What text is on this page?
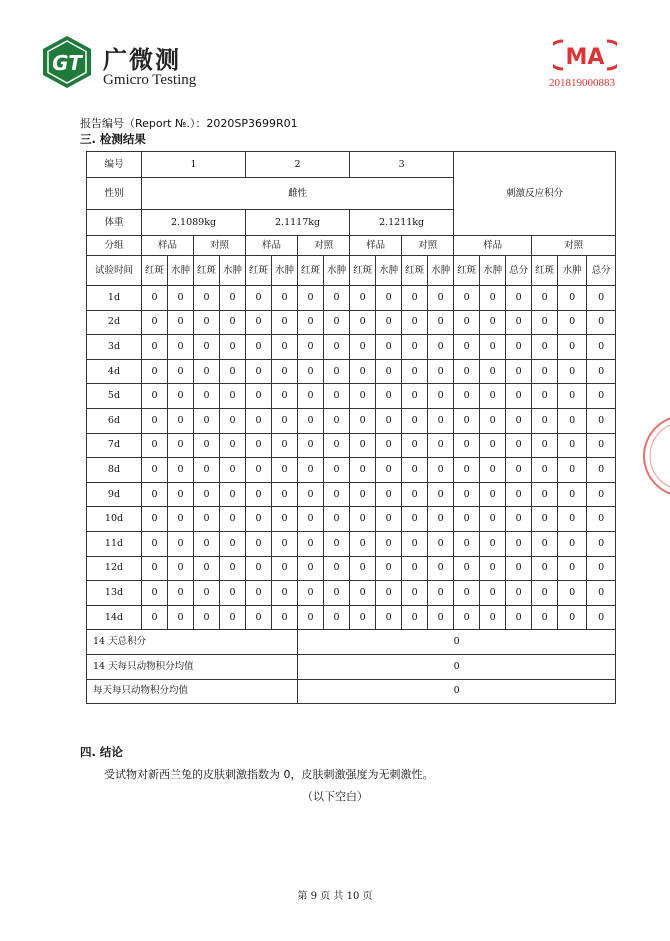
GT 广微测
Gmicro Testing
MA
201819000883
报告编号（Report №.）：2020SP3699R01
三. 检测结果
编号	1				2				3				刺激反应积分					
性别	雌性																	
体重	2.1089kg				2.1117kg				2.1211kg									
分组	样品		对照		样品		对照		样品		对照		样品			对照		
试验时间	红斑	水肿	红斑	水肿	红斑	水肿	红斑	水肿	红斑	水肿	红斑	水肿	红斑	水肿	总分	红斑	水肿	总分
1d	0	0	0	0	0	0	0	0	0	0	0	0	0	0	0	0	0	0
2d	0	0	0	0	0	0	0	0	0	0	0	0	0	0	0	0	0	0
3d	0	0	0	0	0	0	0	0	0	0	0	0	0	0	0	0	0	0
4d	0	0	0	0	0	0	0	0	0	0	0	0	0	0	0	0	0	0
5d	0	0	0	0	0	0	0	0	0	0	0	0	0	0	0	0	0	0
6d	0	0	0	0	0	0	0	0	0	0	0	0	0	0	0	0	0	0
7d	0	0	0	0	0	0	0	0	0	0	0	0	0	0	0	0	0	0
8d	0	0	0	0	0	0	0	0	0	0	0	0	0	0	0	0	0	0
9d	0	0	0	0	0	0	0	0	0	0	0	0	0	0	0	0	0	0
10d	0	0	0	0	0	0	0	0	0	0	0	0	0	0	0	0	0	0
11d	0	0	0	0	0	0	0	0	0	0	0	0	0	0	0	0	0	0
12d	0	0	0	0	0	0	0	0	0	0	0	0	0	0	0	0	0	0
13d	0	0	0	0	0	0	0	0	0	0	0	0	0	0	0	0	0	0
14d	0	0	0	0	0	0	0	0	0	0	0	0	0	0	0	0	0	0
14 天总积分							0											
14 天每只动物积分均值							0											
每天每只动物积分均值							0											
四. 结论
受试物对新西兰兔的皮肤刺激指数为 0，皮肤刺激强度为无刺激性。
（以下空白）
第 9 页 共 10 页
